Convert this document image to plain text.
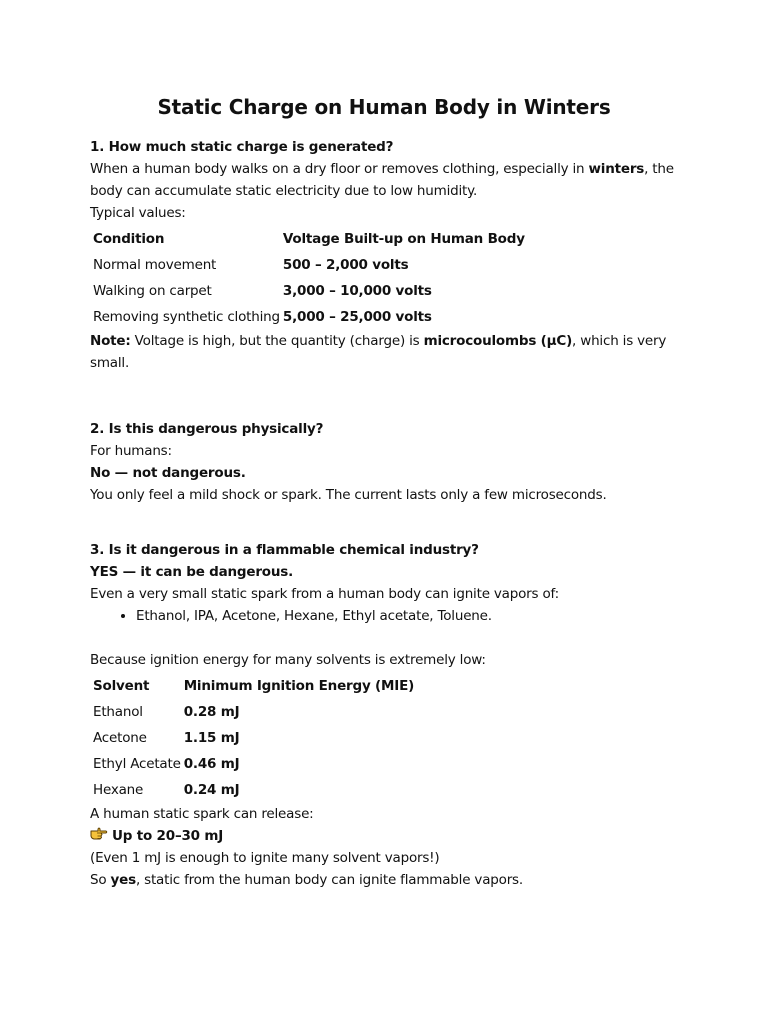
Static Charge on Human Body in Winters

1. How much static charge is generated?

When a human body walks on a dry floor or removes clothing, especially in winters, the body can accumulate static electricity due to low humidity.

Typical values:

Condition	Voltage Built-up on Human Body
Normal movement	500 – 2,000 volts
Walking on carpet	3,000 – 10,000 volts
Removing synthetic clothing	5,000 – 25,000 volts

Note: Voltage is high, but the quantity (charge) is microcoulombs (μC), which is very small.

2. Is this dangerous physically?

For humans:

No — not dangerous.

You only feel a mild shock or spark. The current lasts only a few microseconds.

3. Is it dangerous in a flammable chemical industry?

YES — it can be dangerous.

Even a very small static spark from a human body can ignite vapors of:

• Ethanol, IPA, Acetone, Hexane, Ethyl acetate, Toluene.

Because ignition energy for many solvents is extremely low:

Solvent	Minimum Ignition Energy (MIE)
Ethanol	0.28 mJ
Acetone	1.15 mJ
Ethyl Acetate	0.46 mJ
Hexane	0.24 mJ

A human static spark can release:

Up to 20–30 mJ

(Even 1 mJ is enough to ignite many solvent vapors!)

So yes, static from the human body can ignite flammable vapors.
